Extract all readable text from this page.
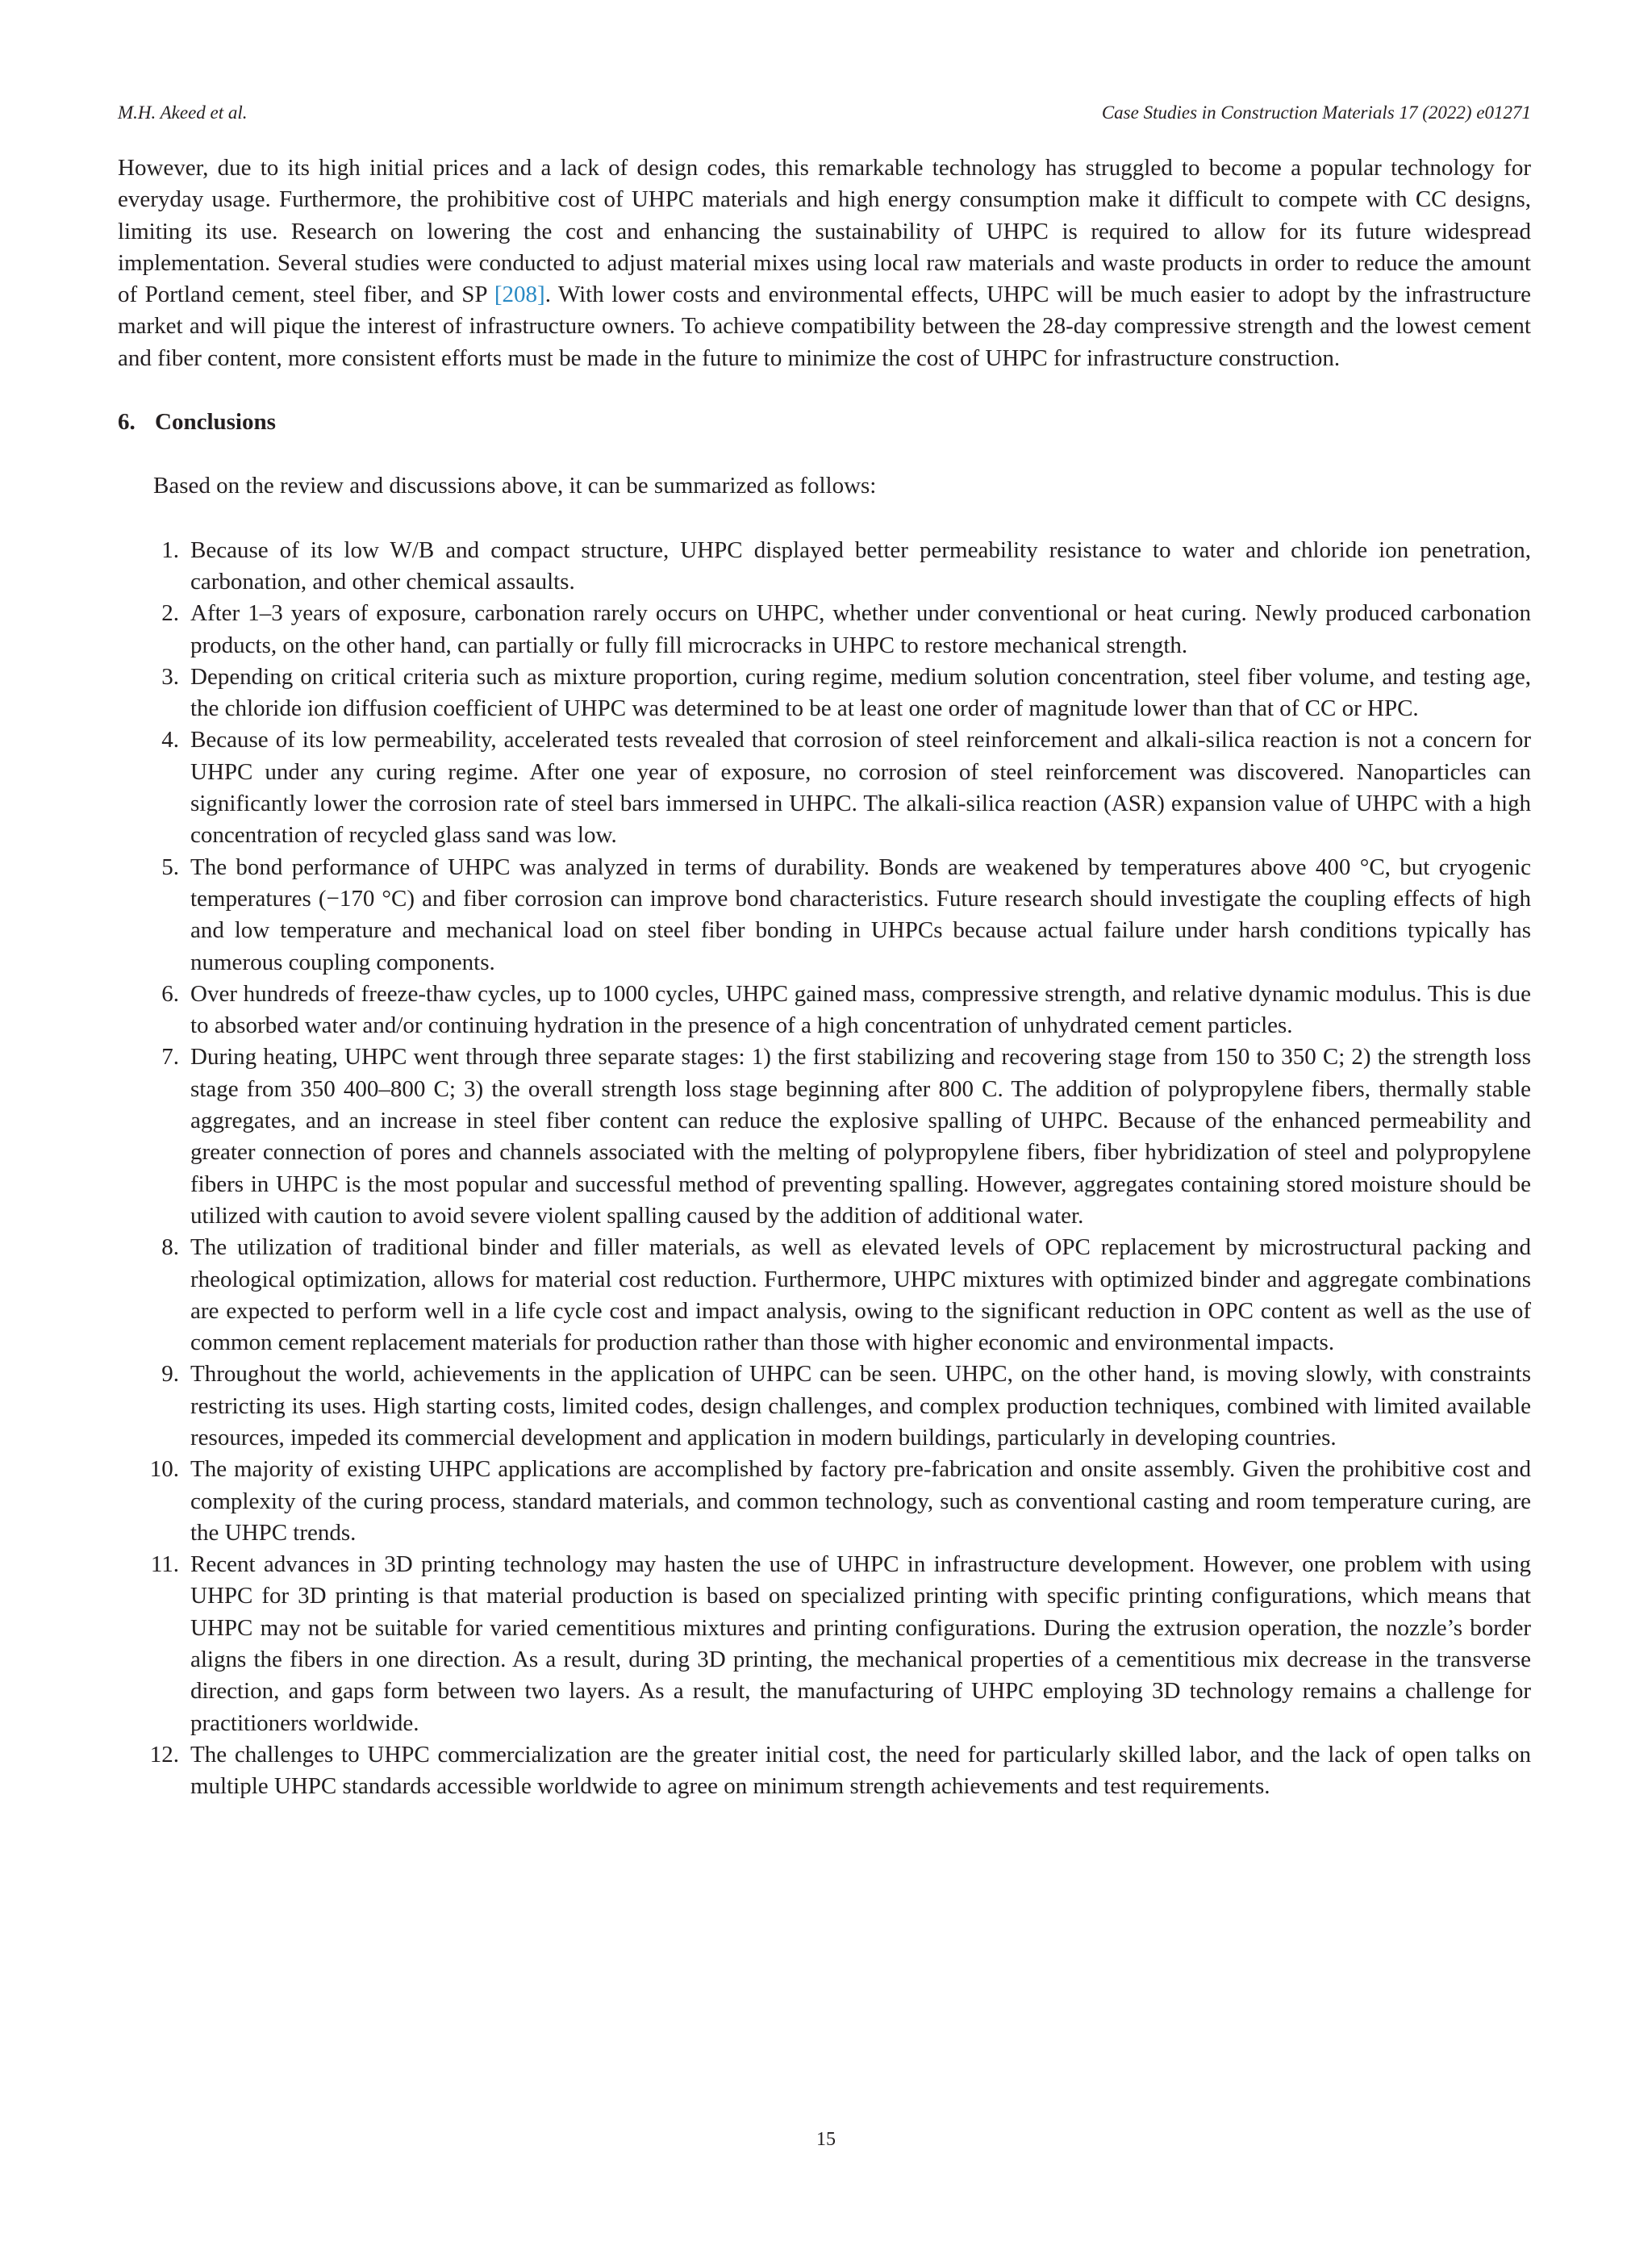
M.H. Akeed et al.	Case Studies in Construction Materials 17 (2022) e01271

However, due to its high initial prices and a lack of design codes, this remarkable technology has struggled to become a popular technology for everyday usage. Furthermore, the prohibitive cost of UHPC materials and high energy consumption make it difficult to compete with CC designs, limiting its use. Research on lowering the cost and enhancing the sustainability of UHPC is required to allow for its future widespread implementation. Several studies were conducted to adjust material mixes using local raw materials and waste products in order to reduce the amount of Portland cement, steel fiber, and SP [208]. With lower costs and environmental effects, UHPC will be much easier to adopt by the infrastructure market and will pique the interest of infrastructure owners. To achieve compatibility between the 28-day compressive strength and the lowest cement and fiber content, more consistent efforts must be made in the future to minimize the cost of UHPC for infrastructure construction.

6. Conclusions

Based on the review and discussions above, it can be summarized as follows:

1. Because of its low W/B and compact structure, UHPC displayed better permeability resistance to water and chloride ion penetration, carbonation, and other chemical assaults.
2. After 1–3 years of exposure, carbonation rarely occurs on UHPC, whether under conventional or heat curing. Newly produced carbonation products, on the other hand, can partially or fully fill microcracks in UHPC to restore mechanical strength.
3. Depending on critical criteria such as mixture proportion, curing regime, medium solution concentration, steel fiber volume, and testing age, the chloride ion diffusion coefficient of UHPC was determined to be at least one order of magnitude lower than that of CC or HPC.
4. Because of its low permeability, accelerated tests revealed that corrosion of steel reinforcement and alkali-silica reaction is not a concern for UHPC under any curing regime. After one year of exposure, no corrosion of steel reinforcement was discovered. Nanoparticles can significantly lower the corrosion rate of steel bars immersed in UHPC. The alkali-silica reaction (ASR) expansion value of UHPC with a high concentration of recycled glass sand was low.
5. The bond performance of UHPC was analyzed in terms of durability. Bonds are weakened by temperatures above 400 °C, but cryogenic temperatures (−170 °C) and fiber corrosion can improve bond characteristics. Future research should investigate the coupling effects of high and low temperature and mechanical load on steel fiber bonding in UHPCs because actual failure under harsh conditions typically has numerous coupling components.
6. Over hundreds of freeze-thaw cycles, up to 1000 cycles, UHPC gained mass, compressive strength, and relative dynamic modulus. This is due to absorbed water and/or continuing hydration in the presence of a high concentration of unhydrated cement particles.
7. During heating, UHPC went through three separate stages: 1) the first stabilizing and recovering stage from 150 to 350 C; 2) the strength loss stage from 350 400–800 C; 3) the overall strength loss stage beginning after 800 C. The addition of polypropylene fibers, thermally stable aggregates, and an increase in steel fiber content can reduce the explosive spalling of UHPC. Because of the enhanced permeability and greater connection of pores and channels associated with the melting of polypropylene fibers, fiber hybridization of steel and polypropylene fibers in UHPC is the most popular and successful method of preventing spalling. However, aggregates containing stored moisture should be utilized with caution to avoid severe violent spalling caused by the addition of additional water.
8. The utilization of traditional binder and filler materials, as well as elevated levels of OPC replacement by microstructural packing and rheological optimization, allows for material cost reduction. Furthermore, UHPC mixtures with optimized binder and aggregate combinations are expected to perform well in a life cycle cost and impact analysis, owing to the significant reduction in OPC content as well as the use of common cement replacement materials for production rather than those with higher economic and environmental impacts.
9. Throughout the world, achievements in the application of UHPC can be seen. UHPC, on the other hand, is moving slowly, with constraints restricting its uses. High starting costs, limited codes, design challenges, and complex production techniques, combined with limited available resources, impeded its commercial development and application in modern buildings, particularly in developing countries.
10. The majority of existing UHPC applications are accomplished by factory pre-fabrication and onsite assembly. Given the prohibitive cost and complexity of the curing process, standard materials, and common technology, such as conventional casting and room temperature curing, are the UHPC trends.
11. Recent advances in 3D printing technology may hasten the use of UHPC in infrastructure development. However, one problem with using UHPC for 3D printing is that material production is based on specialized printing with specific printing configurations, which means that UHPC may not be suitable for varied cementitious mixtures and printing configurations. During the extrusion operation, the nozzle’s border aligns the fibers in one direction. As a result, during 3D printing, the mechanical properties of a cementitious mix decrease in the transverse direction, and gaps form between two layers. As a result, the manufacturing of UHPC employing 3D technology remains a challenge for practitioners worldwide.
12. The challenges to UHPC commercialization are the greater initial cost, the need for particularly skilled labor, and the lack of open talks on multiple UHPC standards accessible worldwide to agree on minimum strength achievements and test requirements.
15
